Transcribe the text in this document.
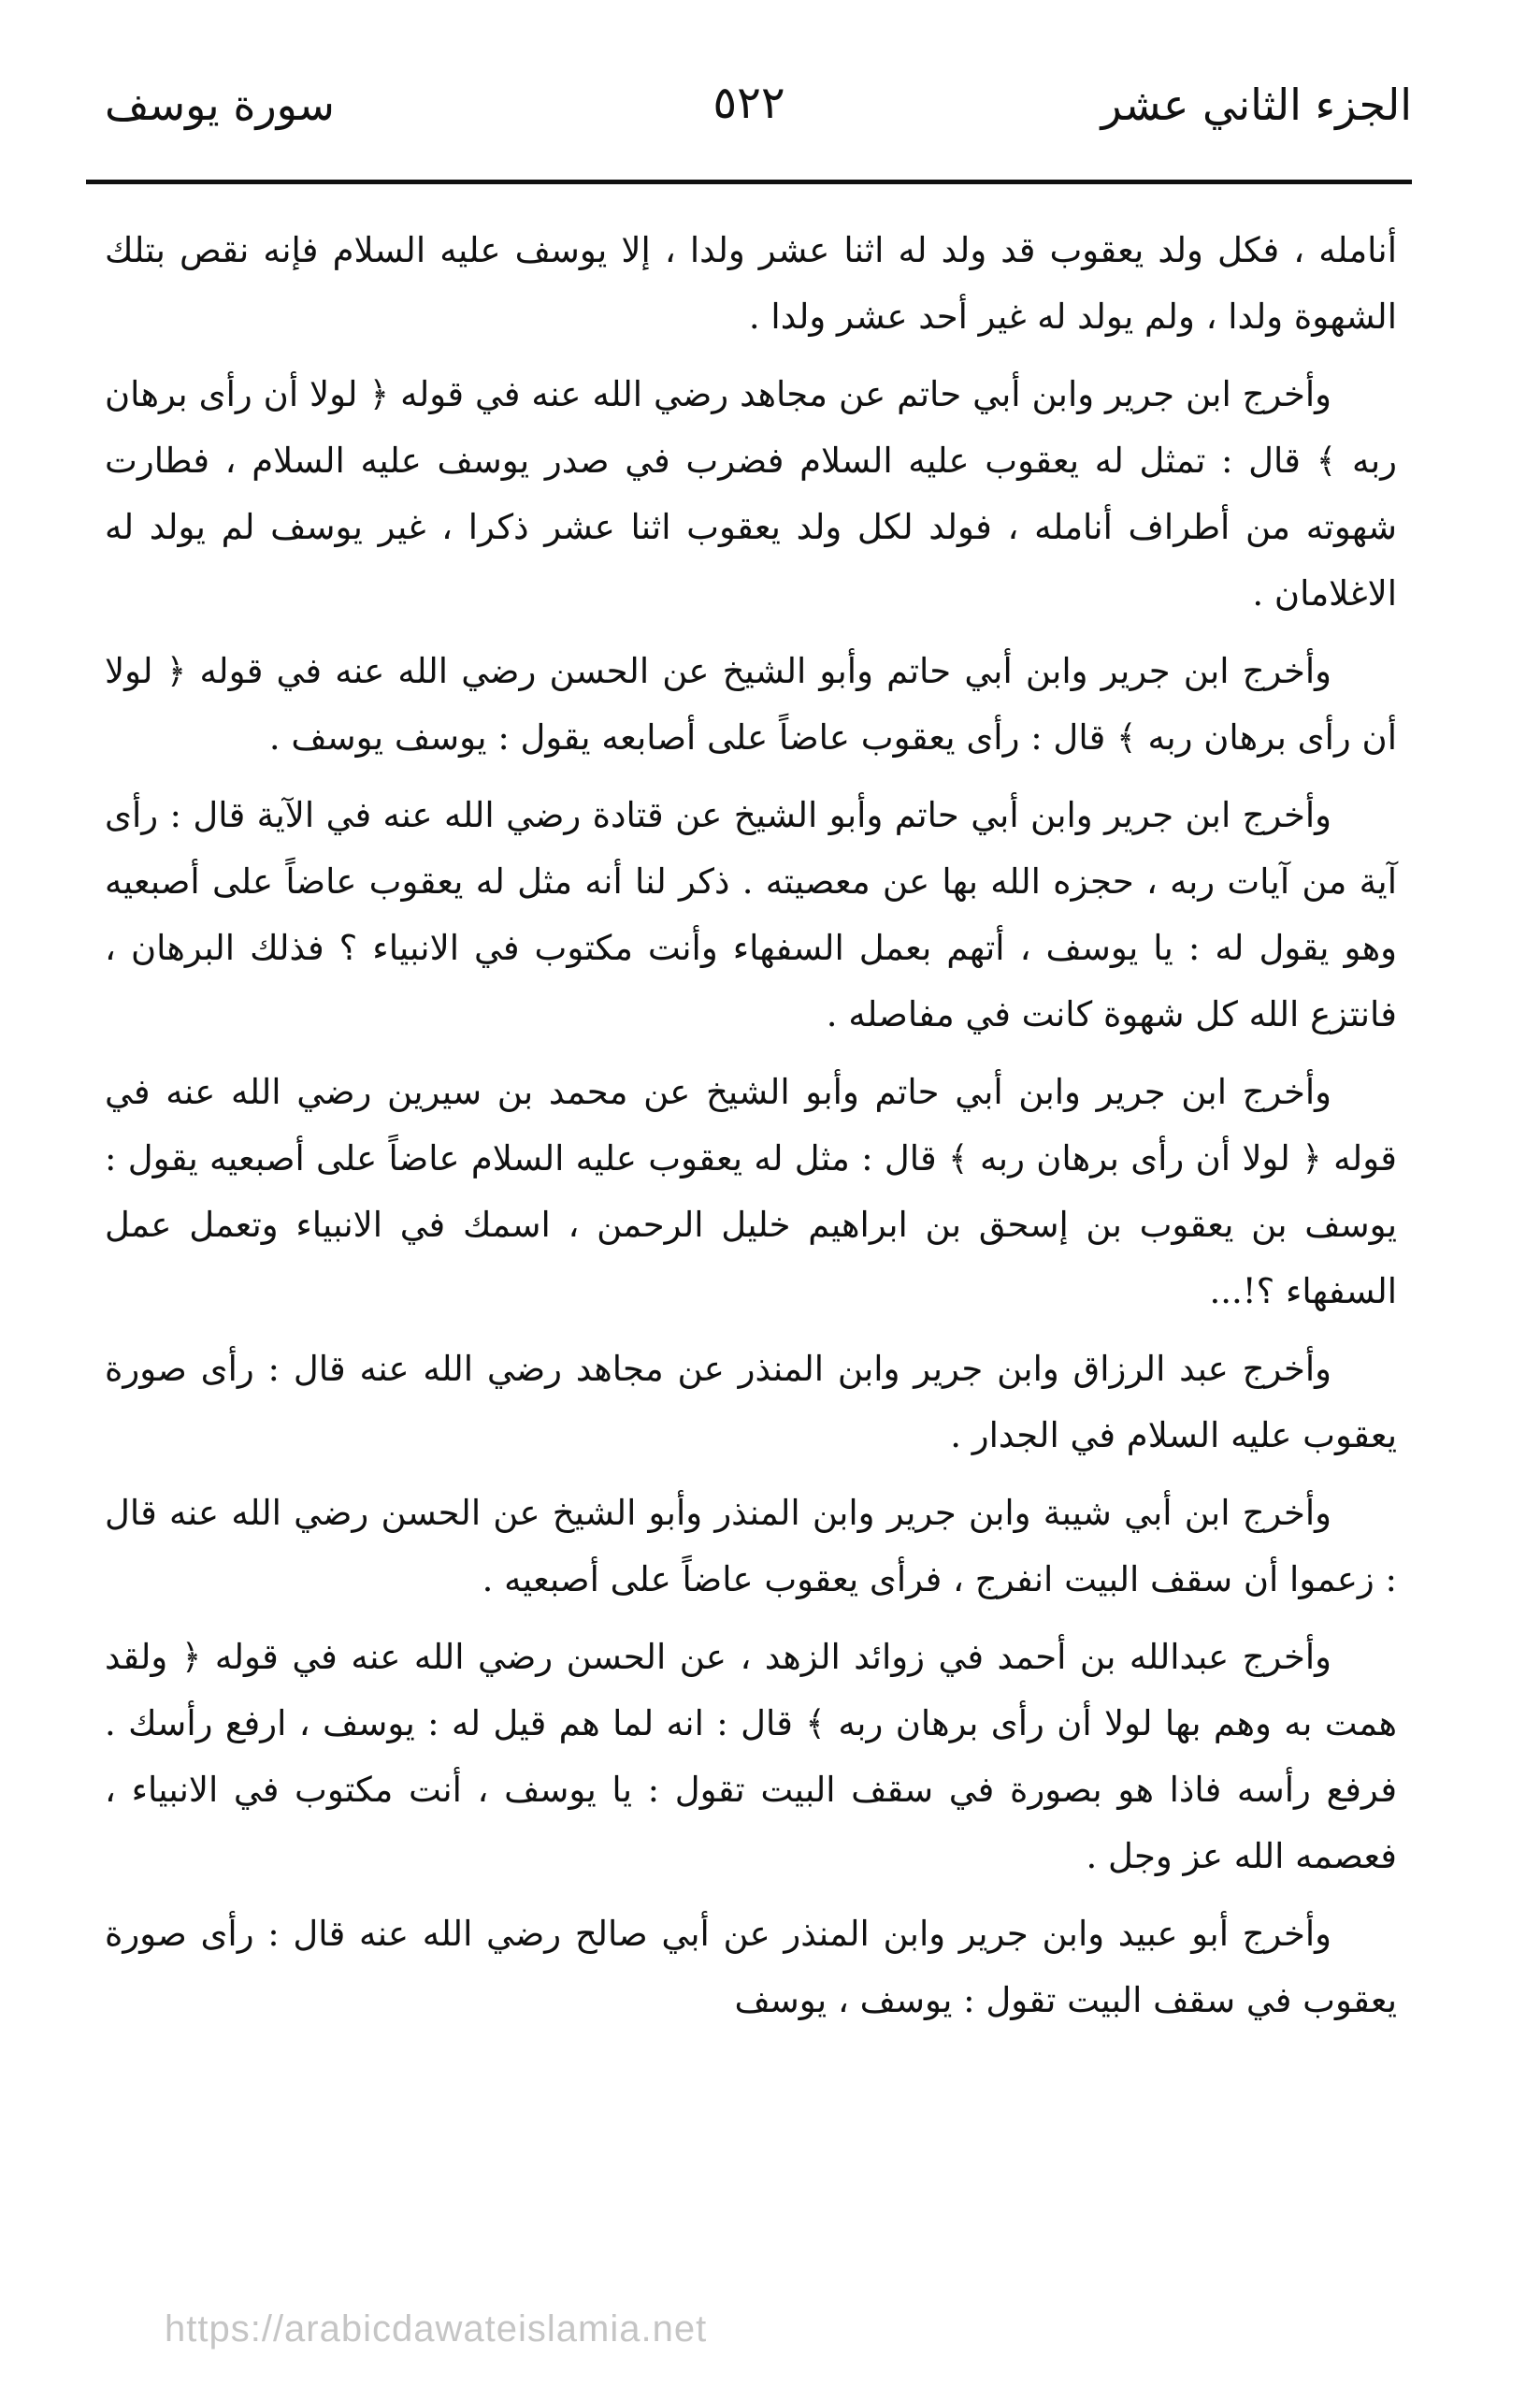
الجزء الثاني عشر
٥٢٢
سورة يوسف

أنامله ، فكل ولد يعقوب قد ولد له اثنا عشر ولدا ، إلا يوسف عليه السلام فإنه نقص بتلك الشهوة ولدا ، ولم يولد له غير أحد عشر ولدا .

وأخرج ابن جرير وابن أبي حاتم عن مجاهد رضي الله عنه في قوله ﴿ لولا أن رأى برهان ربه ﴾ قال : تمثل له يعقوب عليه السلام فضرب في صدر يوسف عليه السلام ، فطارت شهوته من أطراف أنامله ، فولد لكل ولد يعقوب اثنا عشر ذكرا ، غير يوسف لم يولد له الاغلامان .

وأخرج ابن جرير وابن أبي حاتم وأبو الشيخ عن الحسن رضي الله عنه في قوله ﴿ لولا أن رأى برهان ربه ﴾ قال : رأى يعقوب عاضاً على أصابعه يقول : يوسف يوسف .

وأخرج ابن جرير وابن أبي حاتم وأبو الشيخ عن قتادة رضي الله عنه في الآية قال : رأى آية من آيات ربه ، حجزه الله بها عن معصيته . ذكر لنا أنه مثل له يعقوب عاضاً على أصبعيه وهو يقول له : يا يوسف ، أتهم بعمل السفهاء وأنت مكتوب في الانبياء ؟ فذلك البرهان ، فانتزع الله كل شهوة كانت في مفاصله .

وأخرج ابن جرير وابن أبي حاتم وأبو الشيخ عن محمد بن سيرين رضي الله عنه في قوله ﴿ لولا أن رأى برهان ربه ﴾ قال : مثل له يعقوب عليه السلام عاضاً على أصبعيه يقول : يوسف بن يعقوب بن إسحق بن ابراهيم خليل الرحمن ، اسمك في الانبياء وتعمل عمل السفهاء ؟!...

وأخرج عبد الرزاق وابن جرير وابن المنذر عن مجاهد رضي الله عنه قال : رأى صورة يعقوب عليه السلام في الجدار .

وأخرج ابن أبي شيبة وابن جرير وابن المنذر وأبو الشيخ عن الحسن رضي الله عنه قال : زعموا أن سقف البيت انفرج ، فرأى يعقوب عاضاً على أصبعيه .

وأخرج عبدالله بن أحمد في زوائد الزهد ، عن الحسن رضي الله عنه في قوله ﴿ ولقد همت به وهم بها لولا أن رأى برهان ربه ﴾ قال : انه لما هم قيل له : يوسف ، ارفع رأسك . فرفع رأسه فاذا هو بصورة في سقف البيت تقول : يا يوسف ، أنت مكتوب في الانبياء ، فعصمه الله عز وجل .

وأخرج أبو عبيد وابن جرير وابن المنذر عن أبي صالح رضي الله عنه قال : رأى صورة يعقوب في سقف البيت تقول : يوسف ، يوسف

https://arabicdawateislamia.net
